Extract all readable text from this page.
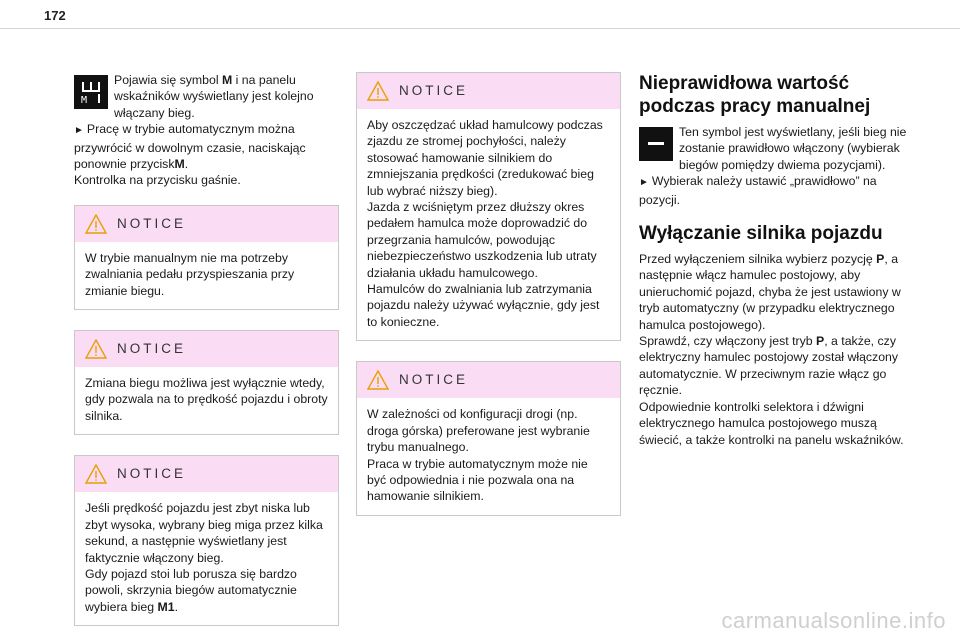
172
M

Pojawia się symbol M i na panelu wskaźników wyświetlany jest kolejno włączany bieg.

► Pracę w trybie automatycznym można przywrócić w dowolnym czasie, naciskając ponownie przyciskM.

Kontrolka na przycisku gaśnie.

NOTICE
W trybie manualnym nie ma potrzeby zwalniania pedału przyspieszania przy zmianie biegu.
NOTICE
Zmiana biegu możliwa jest wyłącznie wtedy, gdy pozwala na to prędkość pojazdu i obroty silnika.
NOTICE

Jeśli prędkość pojazdu jest zbyt niska lub zbyt wysoka, wybrany bieg miga przez kilka sekund, a następnie wyświetlany jest faktycznie włączony bieg.

Gdy pojazd stoi lub porusza się bardzo powoli, skrzynia biegów automatycznie wybiera bieg M1.

NOTICE

Aby oszczędzać układ hamulcowy podczas zjazdu ze stromej pochyłości, należy stosować hamowanie silnikiem do zmniejszania prędkości (zredukować bieg lub wybrać niższy bieg).

Jazda z wciśniętym przez dłuższy okres pedałem hamulca może doprowadzić do przegrzania hamulców, powodując niebezpieczeństwo uszkodzenia lub utraty działania układu hamulcowego.

Hamulców do zwalniania lub zatrzymania pojazdu należy używać wyłącznie, gdy jest to konieczne.

NOTICE

W zależności od konfiguracji drogi (np. droga górska) preferowane jest wybranie trybu manualnego.

Praca w trybie automatycznym może nie być odpowiednia i nie pozwala ona na hamowanie silnikiem.

Nieprawidłowa wartość podczas pracy manualnej

Ten symbol jest wyświetlany, jeśli bieg nie zostanie prawidłowo włączony (wybierak biegów pomiędzy dwiema pozycjami).

► Wybierak należy ustawić „prawidłowo” na pozycji.

Wyłączanie silnika pojazdu

Przed wyłączeniem silnika wybierz pozycję P, a następnie włącz hamulec postojowy, aby unieruchomić pojazd, chyba że jest ustawiony w tryb automatyczny (w przypadku elektrycznego hamulca postojowego).

Sprawdź, czy włączony jest tryb P, a także, czy elektryczny hamulec postojowy został włączony automatycznie. W przeciwnym razie włącz go ręcznie.

Odpowiednie kontrolki selektora i dźwigni elektrycznego hamulca postojowego muszą świecić, a także kontrolki na panelu wskaźników.

carmanualsonline.info
